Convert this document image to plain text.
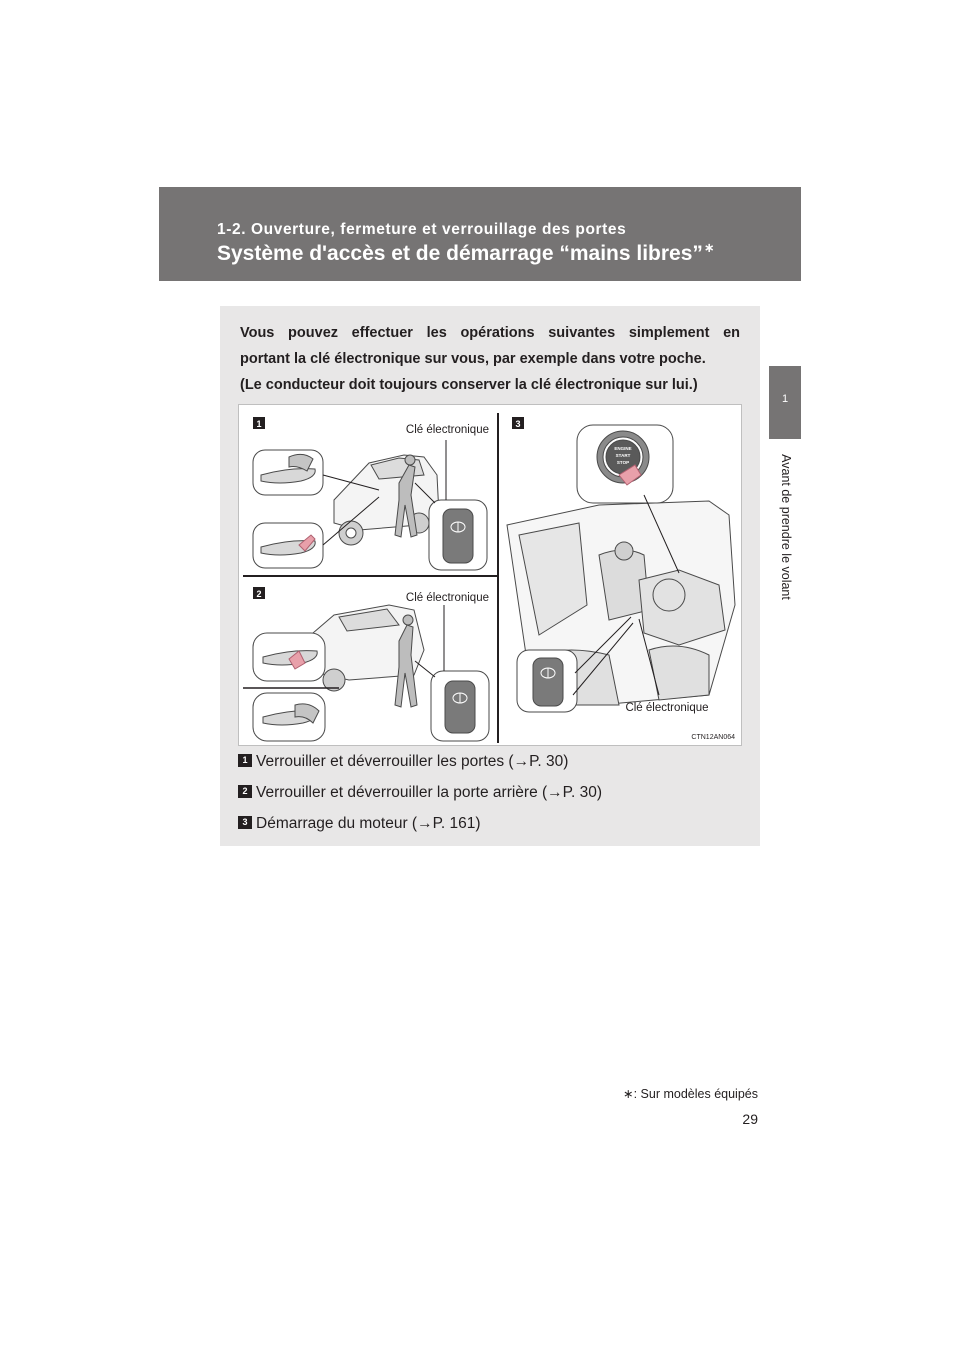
1-2. Ouverture, fermeture et verrouillage des portes
Système d'accès et de démarrage “mains libres”∗
1
Avant de prendre le volant

Vous pouvez effectuer les opérations suivantes simplement en

portant la clé électronique sur vous, par exemple dans votre poche.

(Le conducteur doit toujours conserver la clé électronique sur lui.)

1
2
3
Clé électronique
Clé électronique
ENGINE
START
STOP
Clé électronique
CTN12AN064
1 Verrouiller et déverrouiller les portes (→P. 30)
2 Verrouiller et déverrouiller la porte arrière (→P. 30)
3 Démarrage du moteur (→P. 161)
∗: Sur modèles équipés
29
